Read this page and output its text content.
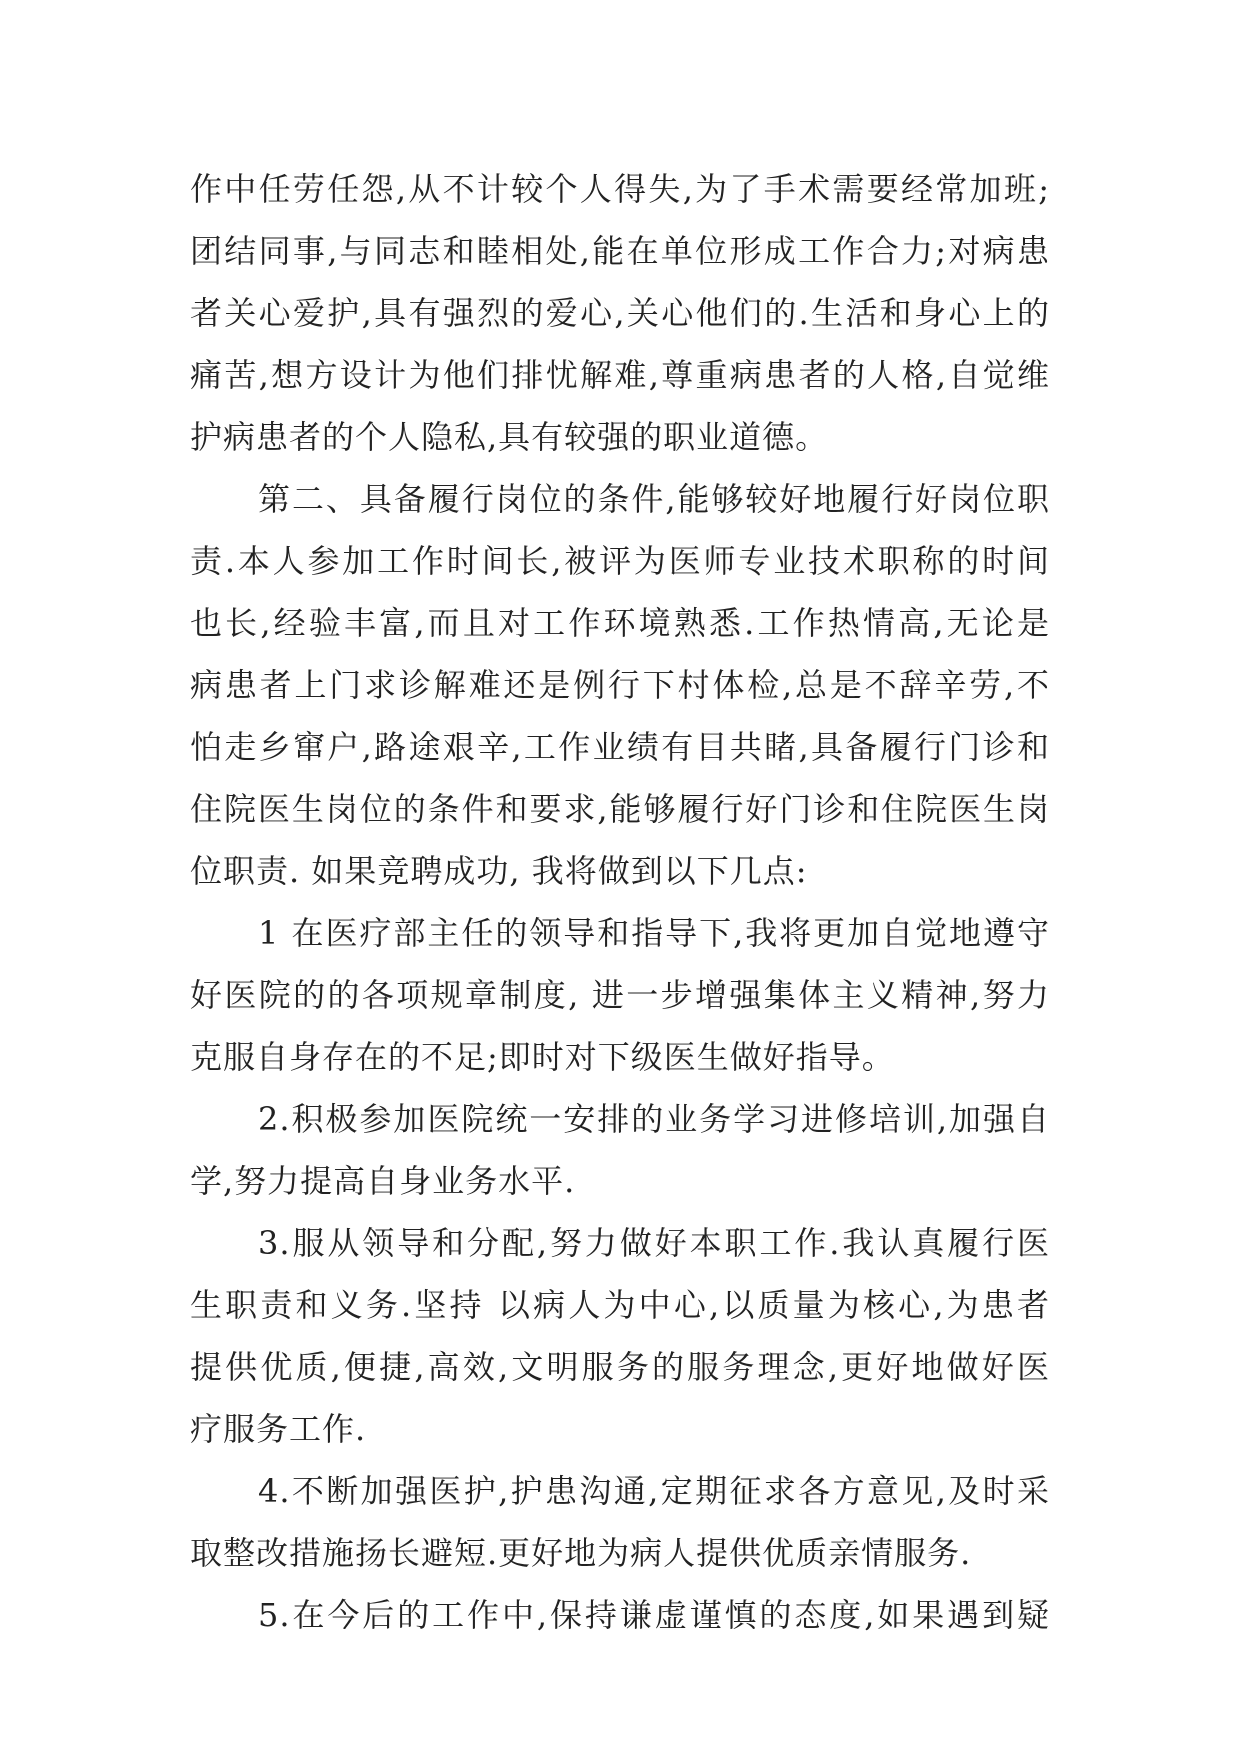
作中任劳任怨,从不计较个人得失,为了手术需要经常加班;
团结同事,与同志和睦相处,能在单位形成工作合力;对病患
者关心爱护,具有强烈的爱心,关心他们的.生活和身心上的
痛苦,想方设计为他们排忧解难,尊重病患者的人格,自觉维
护病患者的个人隐私,具有较强的职业道德。
第二、具备履行岗位的条件,能够较好地履行好岗位职
责.本人参加工作时间长,被评为医师专业技术职称的时间
也长,经验丰富,而且对工作环境熟悉.工作热情高,无论是
病患者上门求诊解难还是例行下村体检,总是不辞辛劳,不
怕走乡窜户,路途艰辛,工作业绩有目共睹,具备履行门诊和
住院医生岗位的条件和要求,能够履行好门诊和住院医生岗
位职责. 如果竞聘成功, 我将做到以下几点:
1 在医疗部主任的领导和指导下,我将更加自觉地遵守
好医院的的各项规章制度, 进一步增强集体主义精神,努力
克服自身存在的不足;即时对下级医生做好指导。
2.积极参加医院统一安排的业务学习进修培训,加强自
学,努力提高自身业务水平.
3.服从领导和分配,努力做好本职工作.我认真履行医
生职责和义务.坚持 以病人为中心,以质量为核心,为患者
提供优质,便捷,高效,文明服务的服务理念,更好地做好医
疗服务工作.
4.不断加强医护,护患沟通,定期征求各方意见,及时采
取整改措施扬长避短.更好地为病人提供优质亲情服务.
5.在今后的工作中,保持谦虚谨慎的态度,如果遇到疑
